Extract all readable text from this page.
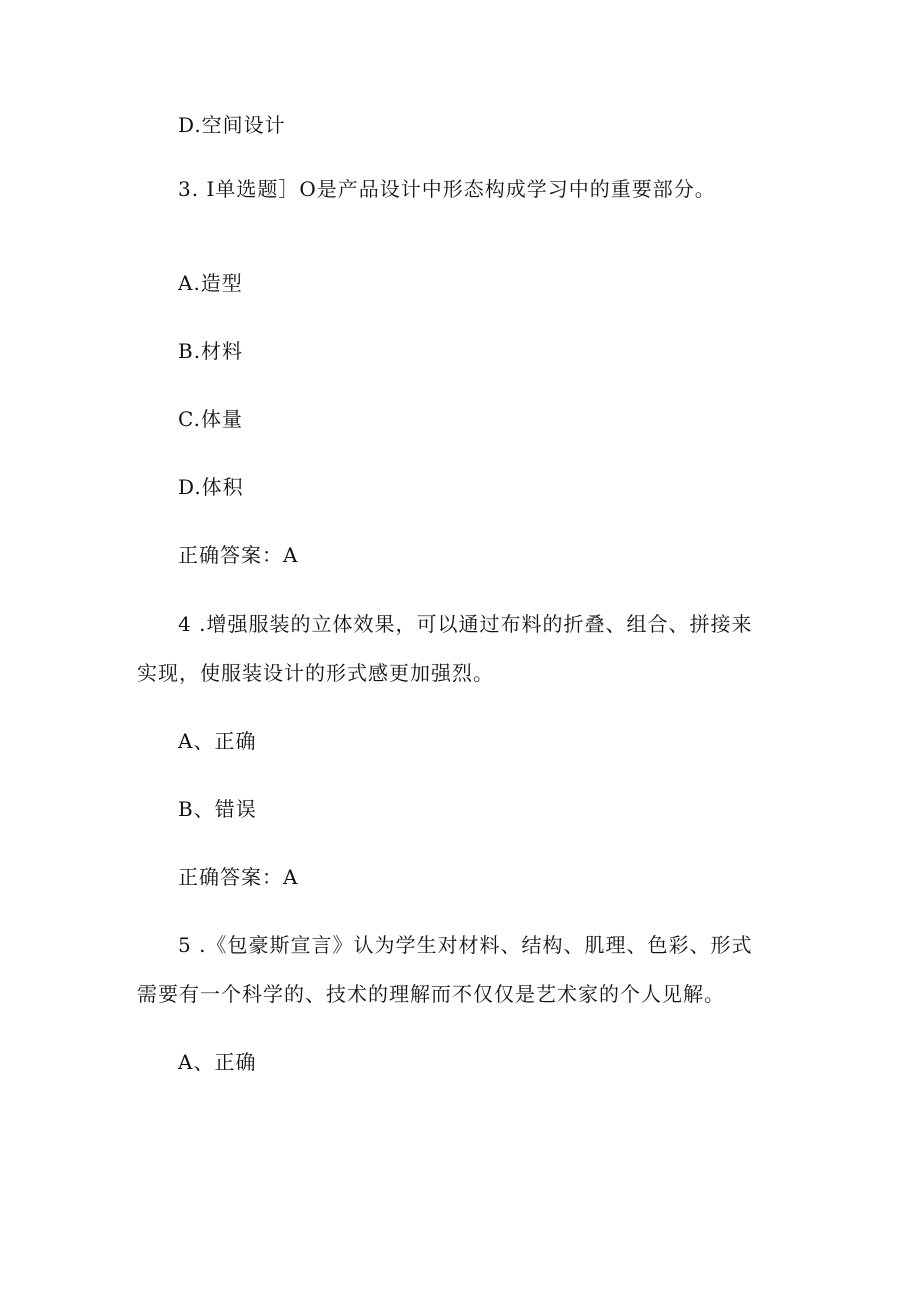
D.空间设计
3. I单选题］O是产品设计中形态构成学习中的重要部分。
A.造型
B.材料
C.体量
D.体积
正确答案：A
4 .增强服装的立体效果，可以通过布料的折叠、组合、拼接来
实现，使服装设计的形式感更加强烈。
A、正确
B、错误
正确答案：A
5 .《包豪斯宣言》认为学生对材料、结构、肌理、色彩、形式
需要有一个科学的、技术的理解而不仅仅是艺术家的个人见解。
A、正确
